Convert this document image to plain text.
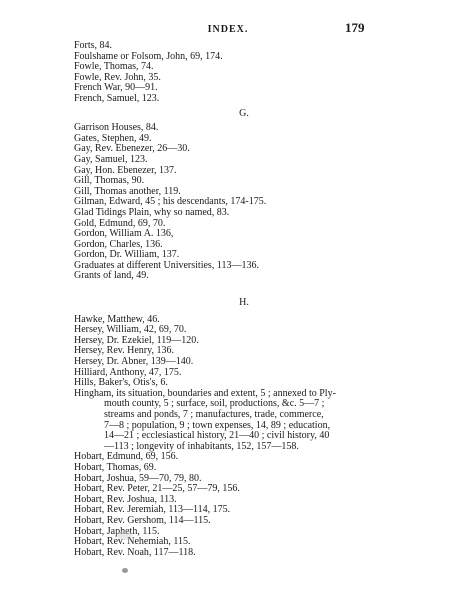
INDEX.	179
Forts, 84.
Foulshame or Folsom, John, 69, 174.
Fowle, Thomas, 74.
Fowle, Rev. John, 35.
French War, 90—91.
French, Samuel, 123.
G.
Garrison Houses, 84.
Gates, Stephen, 49.
Gay, Rev. Ebenezer, 26—30.
Gay, Samuel, 123.
Gay, Hon. Ebenezer, 137.
Gill, Thomas, 90.
Gill, Thomas another, 119.
Gilman, Edward, 45 ; his descendants, 174-175.
Glad Tidings Plain, why so named, 83.
Gold, Edmund, 69, 70.
Gordon, William A. 136,
Gordon, Charles, 136.
Gordon, Dr. William, 137.
Graduates at different Universities, 113—136.
Grants of land, 49.
H.
Hawke, Matthew, 46.
Hersey, William, 42, 69, 70.
Hersey, Dr. Ezekiel, 119—120.
Hersey, Rev. Henry, 136.
Hersey, Dr. Abner, 139—140.
Hilliard, Anthony, 47, 175.
Hills, Baker's, Otis's, 6.
Hingham, its situation, boundaries and extent, 5 ; annexed to Ply-
mouth county, 5 ; surface, soil, productions, &c. 5—7 ;
streams and ponds, 7 ; manufactures, trade, commerce,
7—8 ; population, 9 ; town expenses, 14, 89 ; education,
14—21 ; ecclesiastical history, 21—40 ; civil history, 40
—113 ; longevity of inhabitants, 152, 157—158.
Hobart, Edmund, 69, 156.
Hobart, Thomas, 69.
Hobart, Joshua, 59—70, 79, 80.
Hobart, Rev. Peter, 21—25, 57—79, 156.
Hobart, Rev. Joshua, 113.
Hobart, Rev. Jeremiah, 113—114, 175.
Hobart, Rev. Gershom, 114—115.
Hobart, Japheth, 115.
Hobart, Rev. Nehemiah, 115.
Hobart, Rev. Noah, 117—118.
